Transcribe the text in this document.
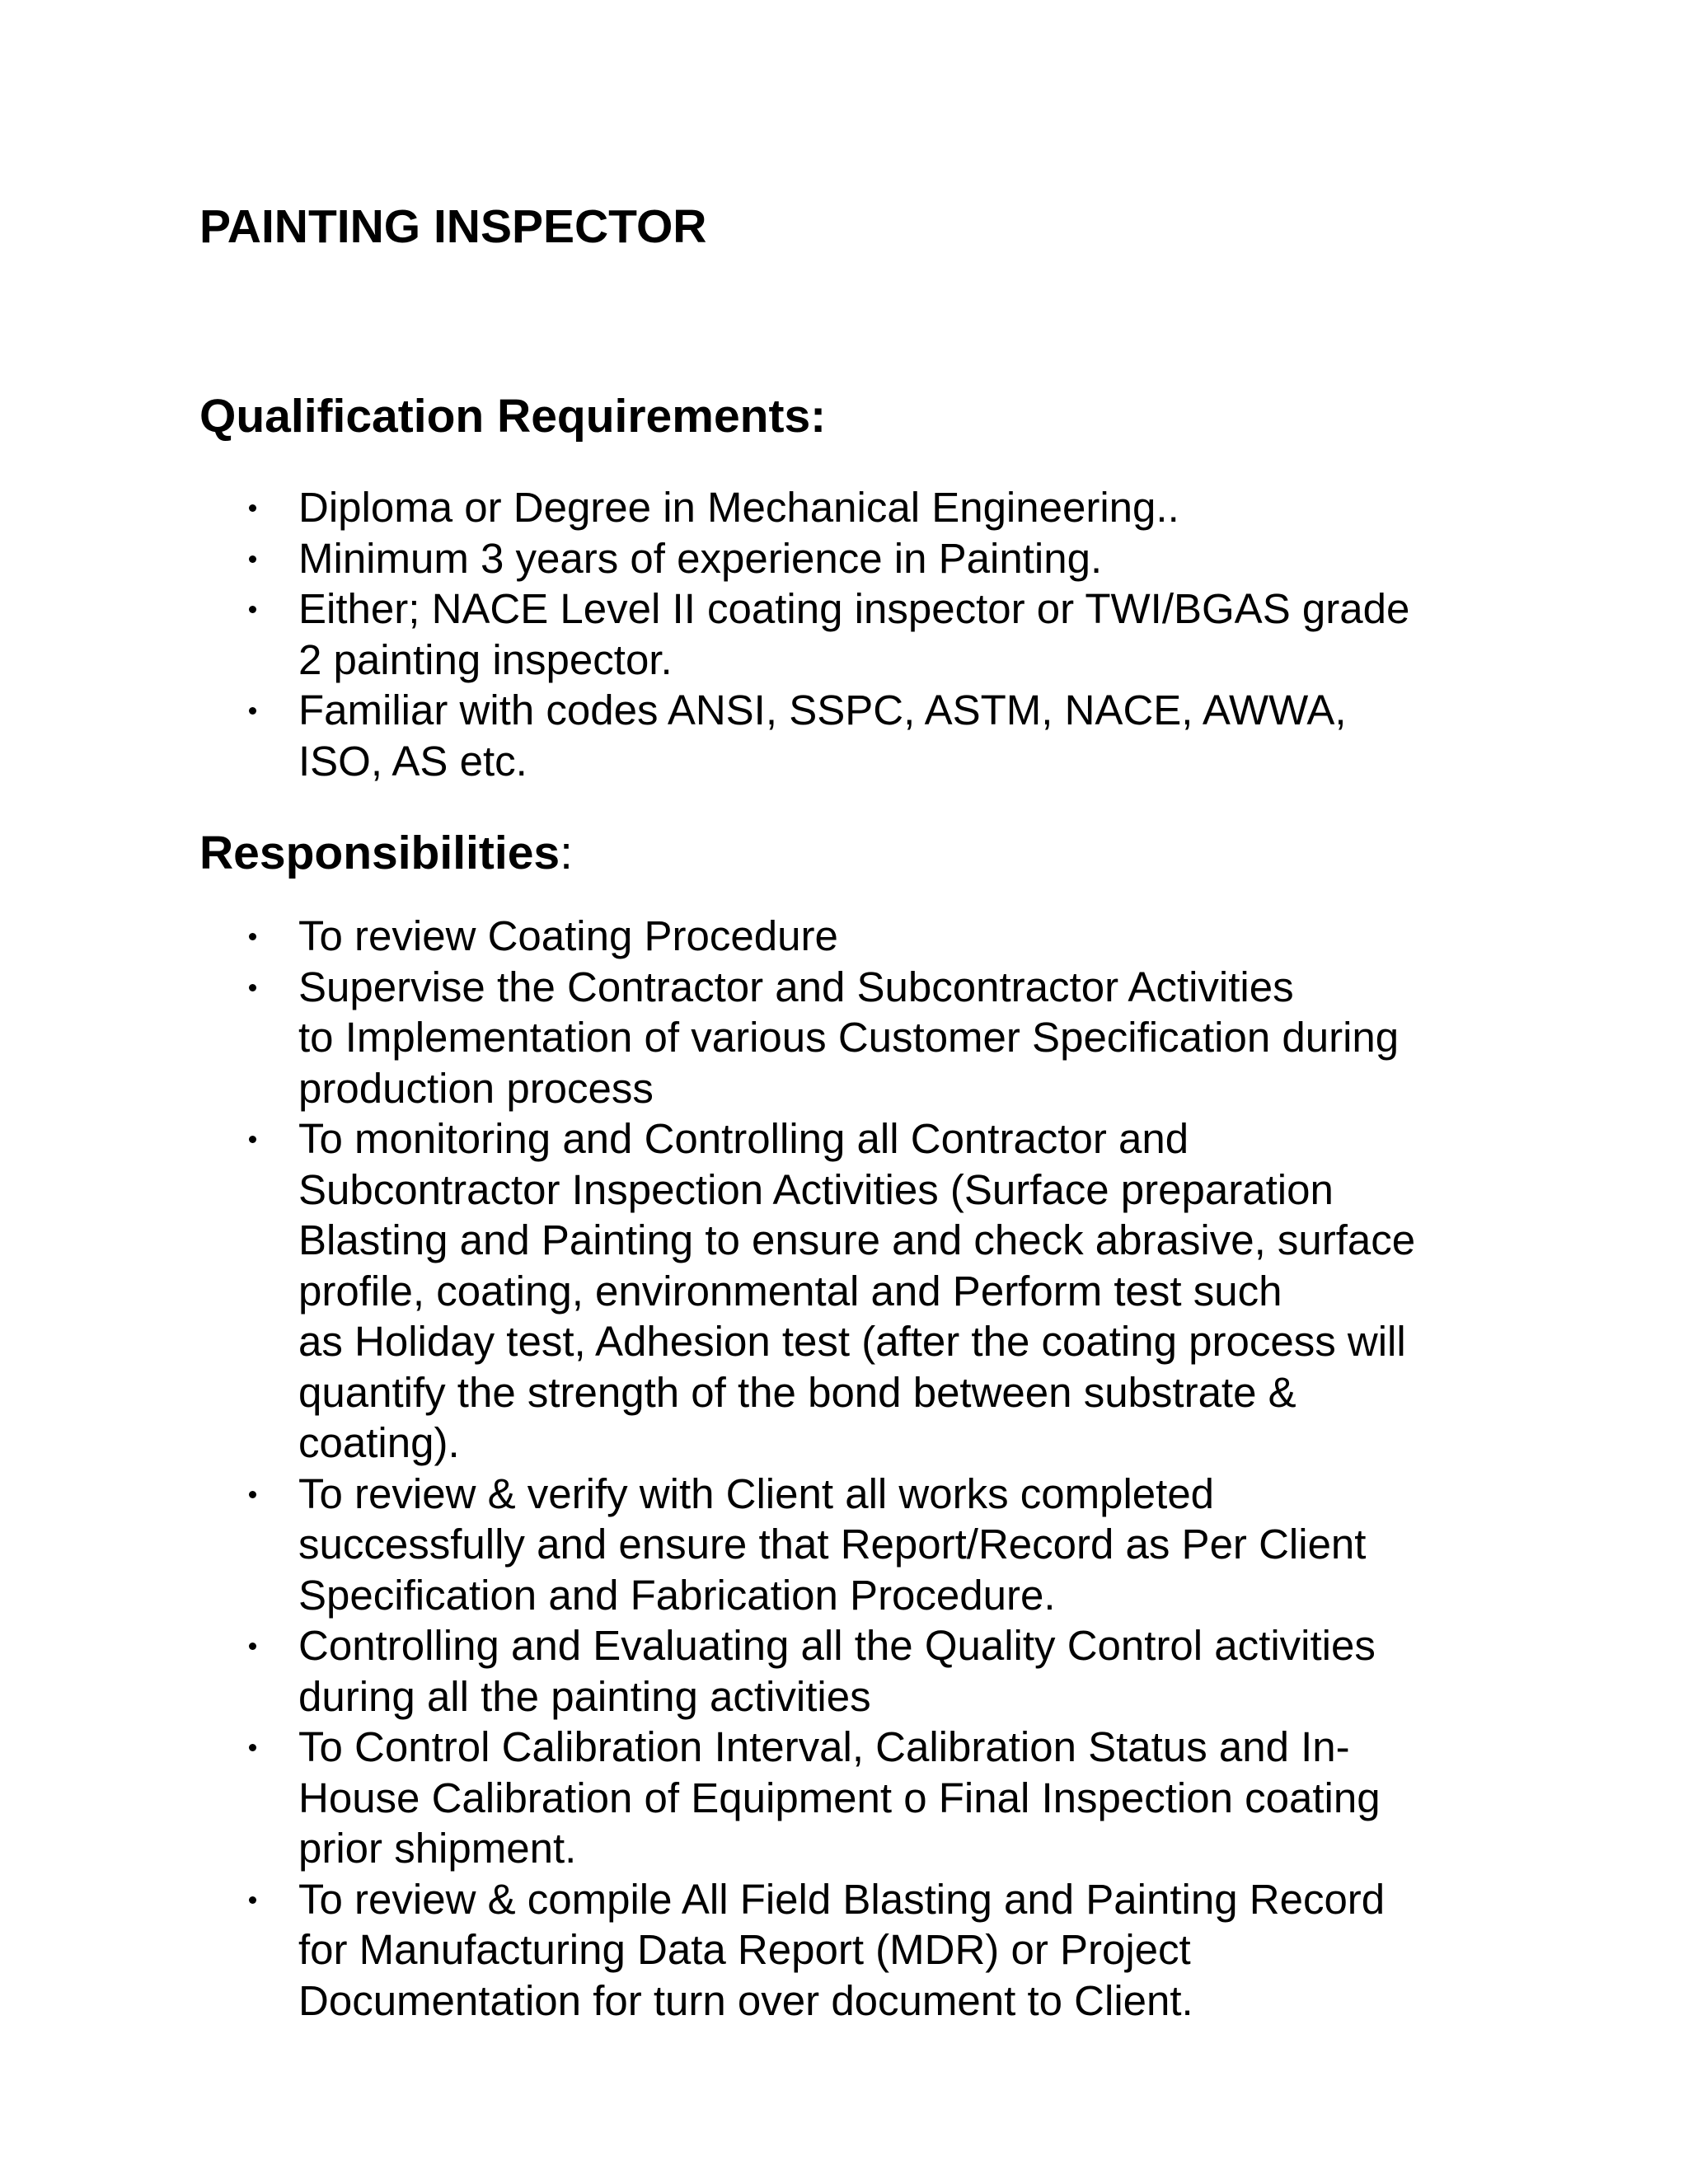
PAINTING INSPECTOR
Qualification Requirements:
Diploma or Degree in Mechanical Engineering..
Minimum 3 years of experience in Painting.
Either; NACE Level II coating inspector or TWI/BGAS grade
2 painting inspector.
Familiar with codes ANSI, SSPC, ASTM, NACE, AWWA,
ISO, AS etc.
Responsibilities:
To review Coating Procedure
Supervise the Contractor and Subcontractor Activities
to Implementation of various Customer Specification during
production process
To monitoring and Controlling all Contractor and
Subcontractor Inspection Activities (Surface preparation
Blasting and Painting to ensure and check abrasive, surface
profile, coating, environmental and Perform test such
as Holiday test, Adhesion test (after the coating process will
quantify the strength of the bond between substrate &
coating).
To review & verify with Client all works completed
successfully and ensure that Report/Record as Per Client
Specification and Fabrication Procedure.
Controlling and Evaluating all the Quality Control activities
during all the painting activities
To Control Calibration Interval, Calibration Status and In-
House Calibration of Equipment o Final Inspection coating
prior shipment.
To review & compile All Field Blasting and Painting Record
for Manufacturing Data Report (MDR) or Project
Documentation for turn over document to Client.
